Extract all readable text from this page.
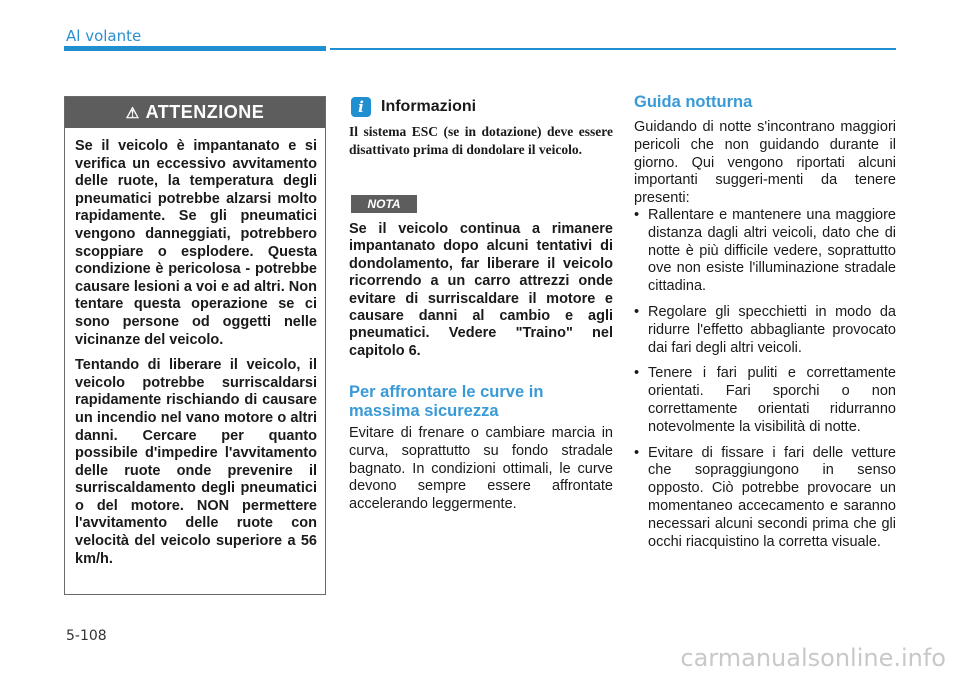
Al volante
⚠ ATTENZIONE

Se il veicolo è impantanato e si verifica un eccessivo avvitamento delle ruote, la temperatura degli pneumatici potrebbe alzarsi molto rapidamente. Se gli pneumatici vengono danneggiati, potrebbero scoppiare o esplodere. Questa condizione è pericolosa - potrebbe causare lesioni a voi e ad altri. Non tentare questa operazione se ci sono persone od oggetti nelle vicinanze del veicolo.

Tentando di liberare il veicolo, il veicolo potrebbe surriscaldarsi rapidamente rischiando di causare un incendio nel vano motore o altri danni. Cercare per quanto possibile d'impedire l'avvitamento delle ruote onde prevenire il surriscaldamento degli pneumatici o del motore. NON permettere l'avvitamento delle ruote con velocità del veicolo superiore a 56 km/h.

i	Informazioni

Il sistema ESC (se in dotazione) deve essere disattivato prima di dondolare il veicolo.

NOTA

Se il veicolo continua a rimanere impantanato dopo alcuni tentativi di dondolamento, far liberare il veicolo ricorrendo a un carro attrezzi onde evitare di surriscaldare il motore e causare danni al cambio e agli pneumatici. Vedere "Traino" nel capitolo 6.

Per affrontare le curve in massima sicurezza

Evitare di frenare o cambiare marcia in curva, soprattutto su fondo stradale bagnato. In condizioni ottimali, le curve devono sempre essere affrontate accelerando leggermente.

Guida notturna

Guidando di notte s'incontrano maggiori pericoli che non guidando durante il giorno. Qui vengono riportati alcuni importanti suggeri-menti da tenere presenti:

• Rallentare e mantenere una maggiore distanza dagli altri veicoli, dato che di notte è più difficile vedere, soprattutto ove non esiste l'illuminazione stradale cittadina.
• Regolare gli specchietti in modo da ridurre l'effetto abbagliante provocato dai fari degli altri veicoli.
• Tenere i fari puliti e correttamente orientati. Fari sporchi o non correttamente orientati ridurranno notevolmente la visibilità di notte.
• Evitare di fissare i fari delle vetture che sopraggiungono in senso opposto. Ciò potrebbe provocare un momentaneo accecamento e saranno necessari alcuni secondi prima che gli occhi riacquistino la corretta visuale.
5-108
carmanualsonline.info
